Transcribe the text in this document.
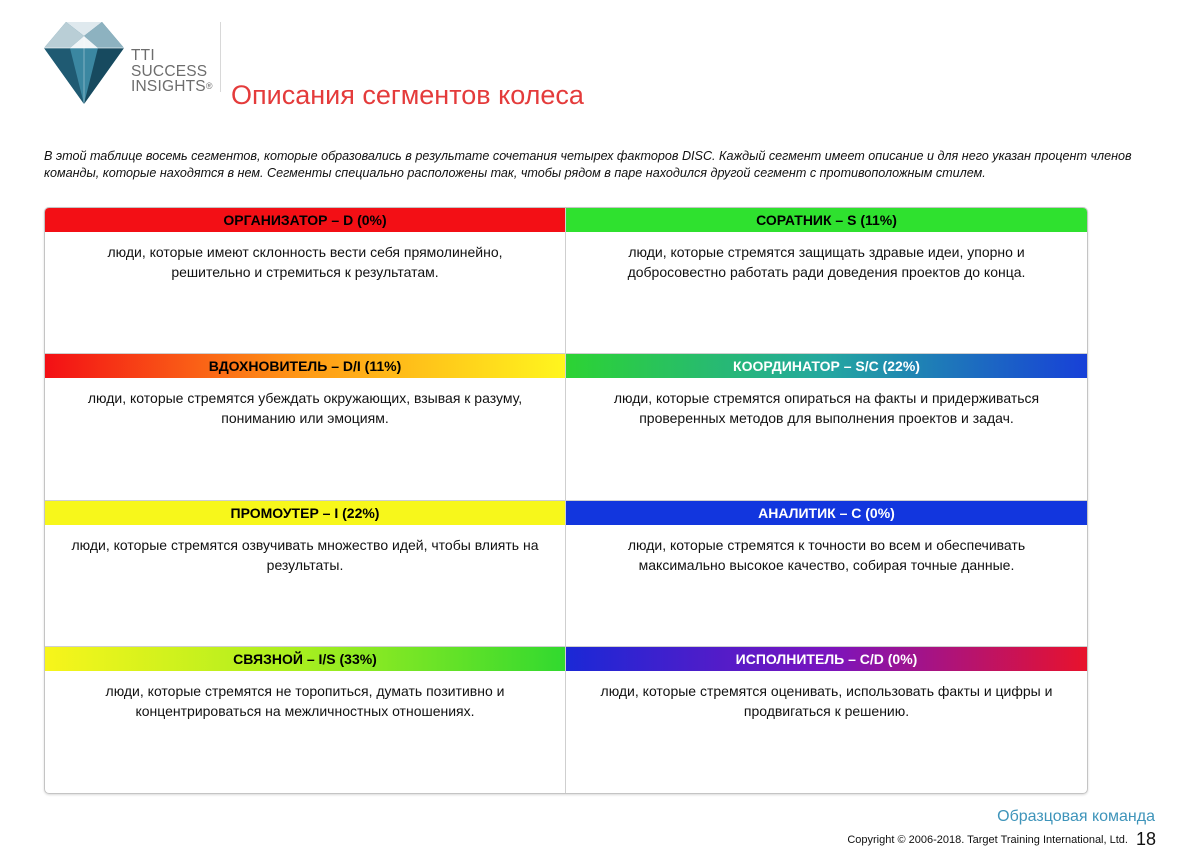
TTI
SUCCESS
INSIGHTS® Описания сегментов колеса
В этой таблице восемь сегментов, которые образовались в результате сочетания четырех факторов DISC. Каждый сегмент имеет описание и для него указан процент членов команды, которые находятся в нем. Сегменты специально расположены так, чтобы рядом в паре находился другой сегмент с противоположным стилем.
ОРГАНИЗАТОР – D (0%)
люди, которые имеют склонность вести себя прямолинейно, решительно и стремиться к результатам.
СОРАТНИК – S (11%)
люди, которые стремятся защищать здравые идеи, упорно и добросовестно работать ради доведения проектов до конца.
ВДОХНОВИТЕЛЬ – D/I (11%)
люди, которые стремятся убеждать окружающих, взывая к разуму, пониманию или эмоциям.
КООРДИНАТОР – S/C (22%)
люди, которые стремятся опираться на факты и придерживаться проверенных методов для выполнения проектов и задач.
ПРОМОУТЕР – I (22%)
люди, которые стремятся озвучивать множество идей, чтобы влиять на результаты.
АНАЛИТИК – C (0%)
люди, которые стремятся к точности во всем и обеспечивать максимально высокое качество, собирая точные данные.
СВЯЗНОЙ – I/S (33%)
люди, которые стремятся не торопиться, думать позитивно и концентрироваться на межличностных отношениях.
ИСПОЛНИТЕЛЬ – C/D (0%)
люди, которые стремятся оценивать, использовать факты и цифры и продвигаться к решению.
Образцовая команда
Copyright © 2006-2018. Target Training International, Ltd. 18
